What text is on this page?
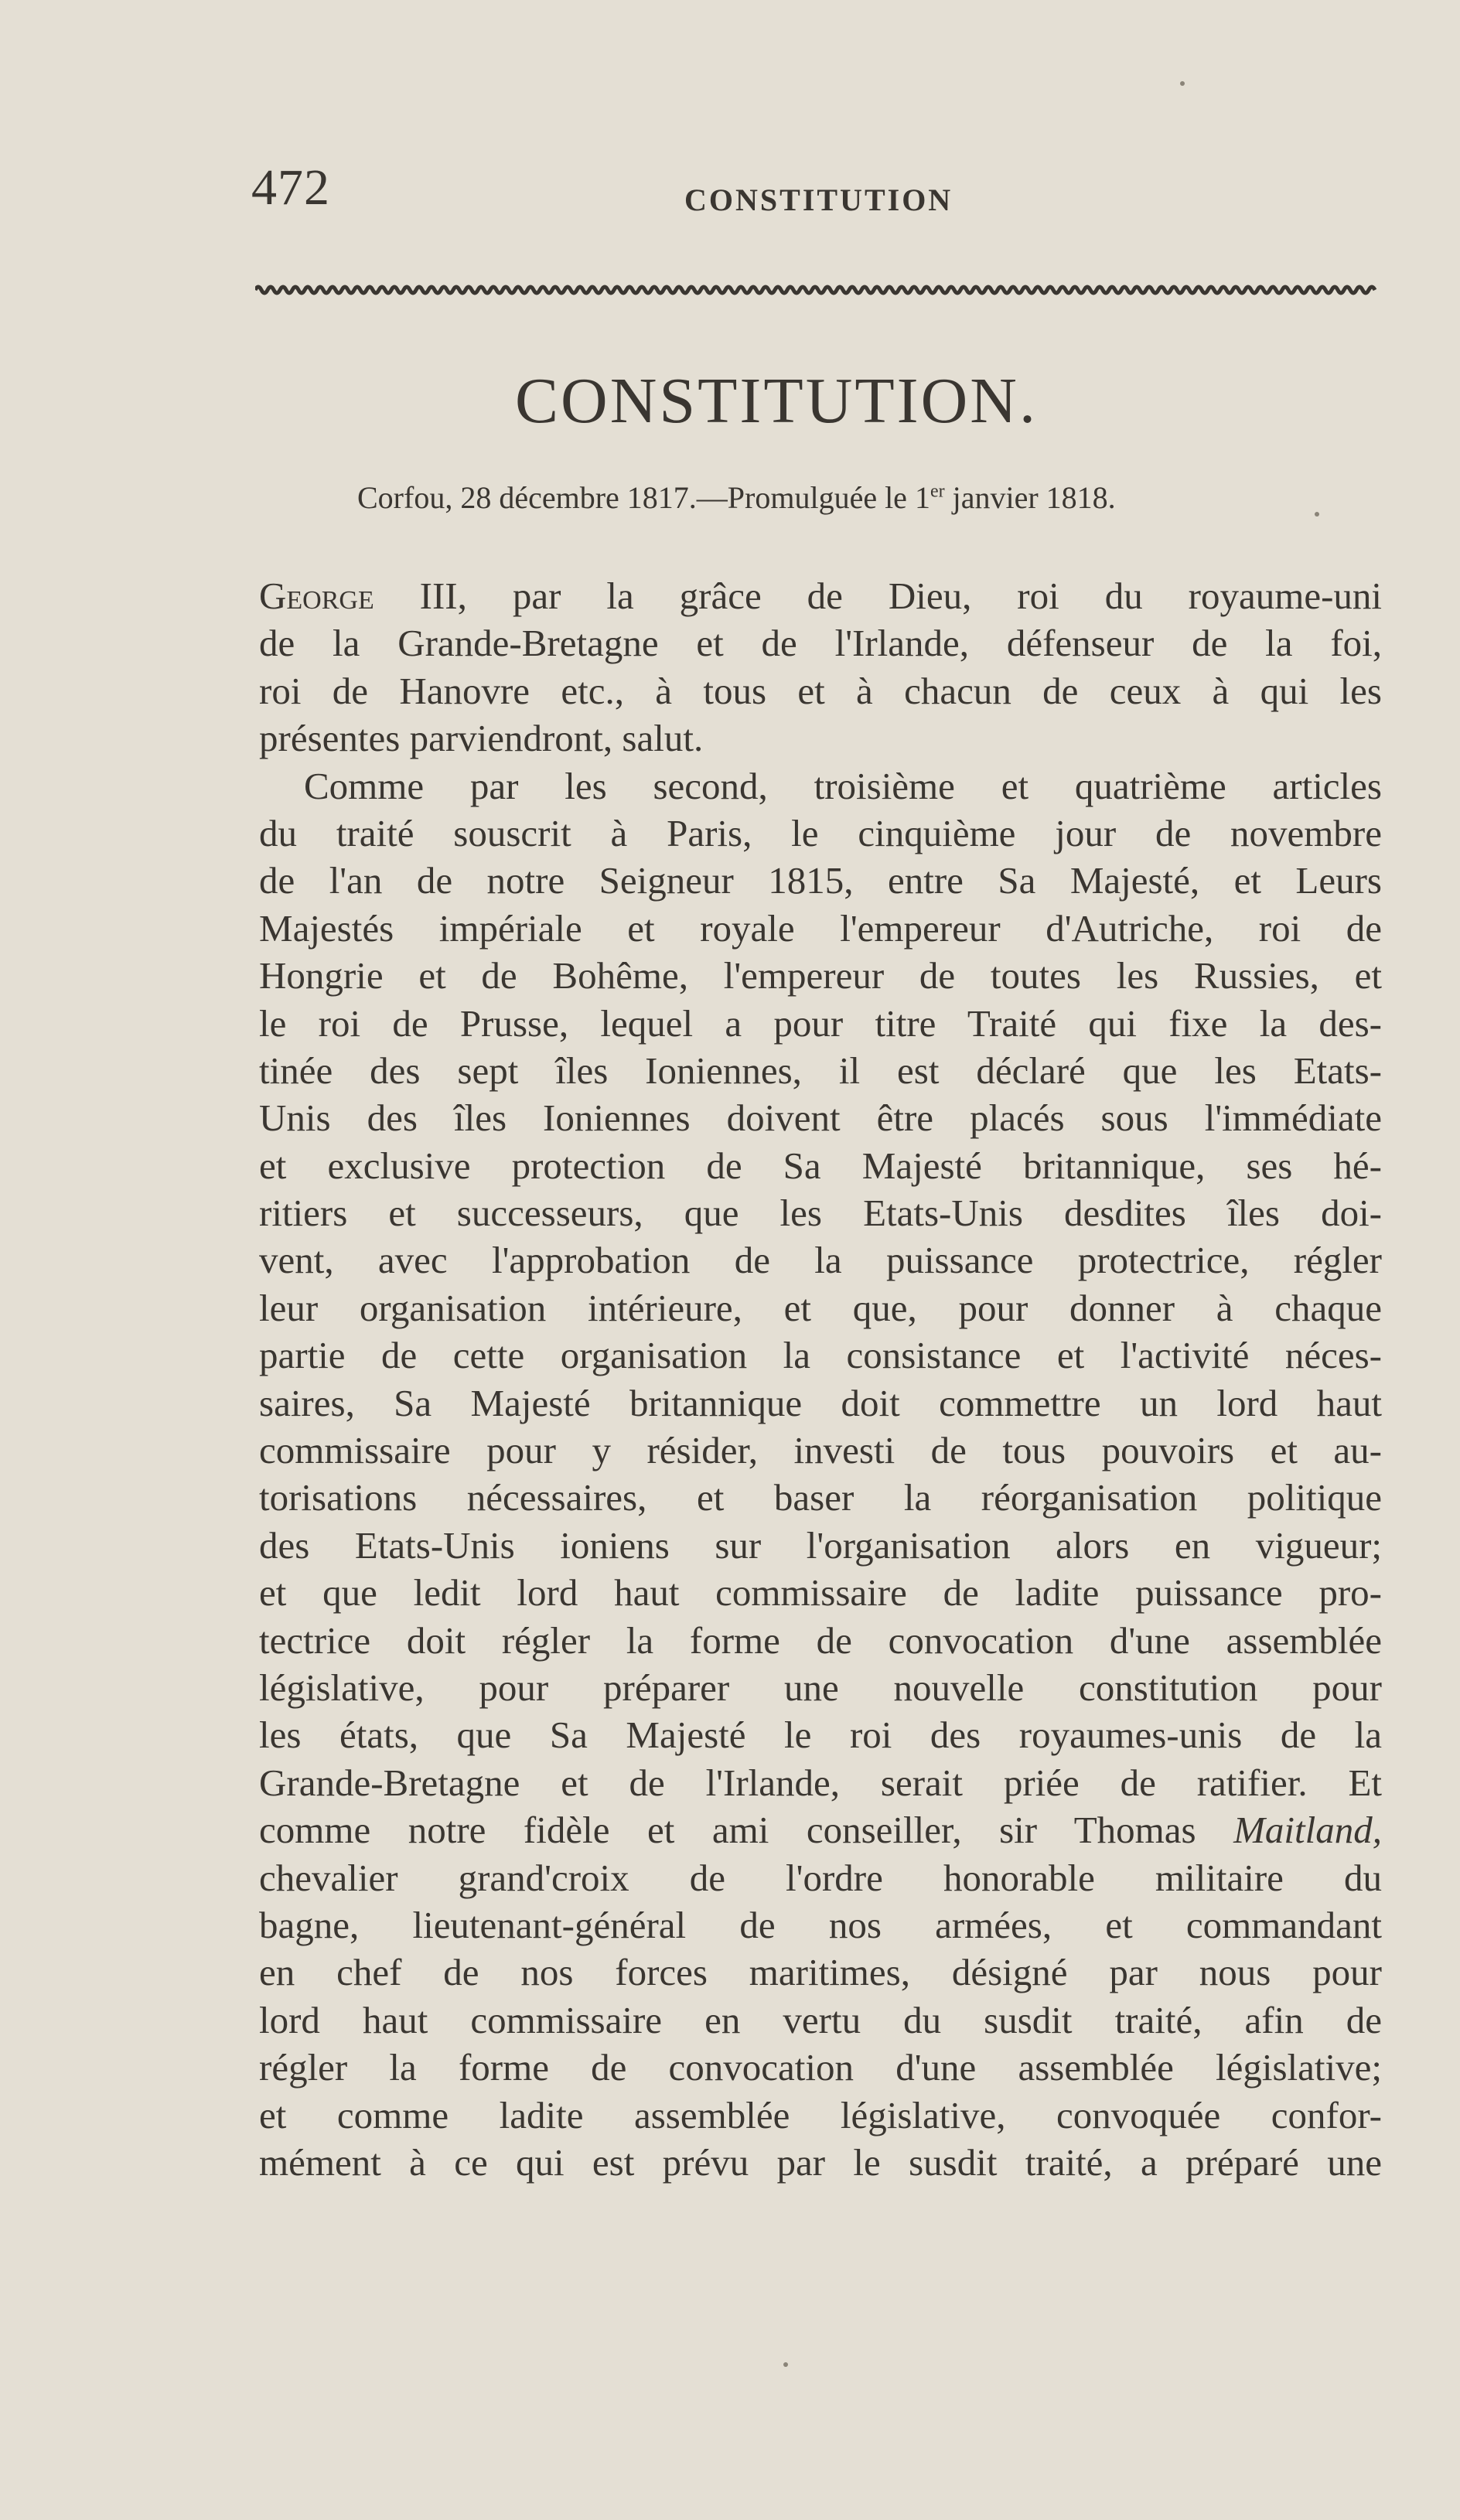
472	CONSTITUTION
CONSTITUTION.
Corfou, 28 décembre 1817.—Promulguée le 1er janvier 1818.
George III, par la grâce de Dieu, roi du royaume-uni
de la Grande-Bretagne et de l'Irlande, défenseur de la foi,
roi de Hanovre etc., à tous et à chacun de ceux à qui les
présentes parviendront, salut.
Comme par les second, troisième et quatrième articles
du traité souscrit à Paris, le cinquième jour de novembre
de l'an de notre Seigneur 1815, entre Sa Majesté, et Leurs
Majestés impériale et royale l'empereur d'Autriche, roi de
Hongrie et de Bohême, l'empereur de toutes les Russies, et
le roi de Prusse, lequel a pour titre Traité qui fixe la des-
tinée des sept îles Ioniennes, il est déclaré que les Etats-
Unis des îles Ioniennes doivent être placés sous l'immédiate
et exclusive protection de Sa Majesté britannique, ses hé-
ritiers et successeurs, que les Etats-Unis desdites îles doi-
vent, avec l'approbation de la puissance protectrice, régler
leur organisation intérieure, et que, pour donner à chaque
partie de cette organisation la consistance et l'activité néces-
saires, Sa Majesté britannique doit commettre un lord haut
commissaire pour y résider, investi de tous pouvoirs et au-
torisations nécessaires, et baser la réorganisation politique
des Etats-Unis ioniens sur l'organisation alors en vigueur;
et que ledit lord haut commissaire de ladite puissance pro-
tectrice doit régler la forme de convocation d'une assemblée
législative, pour préparer une nouvelle constitution pour
les états, que Sa Majesté le roi des royaumes-unis de la
Grande-Bretagne et de l'Irlande, serait priée de ratifier. Et
comme notre fidèle et ami conseiller, sir Thomas Maitland,
chevalier grand'croix de l'ordre honorable militaire du
bagne, lieutenant-général de nos armées, et commandant
en chef de nos forces maritimes, désigné par nous pour
lord haut commissaire en vertu du susdit traité, afin de
régler la forme de convocation d'une assemblée législative;
et comme ladite assemblée législative, convoquée confor-
mément à ce qui est prévu par le susdit traité, a préparé une
